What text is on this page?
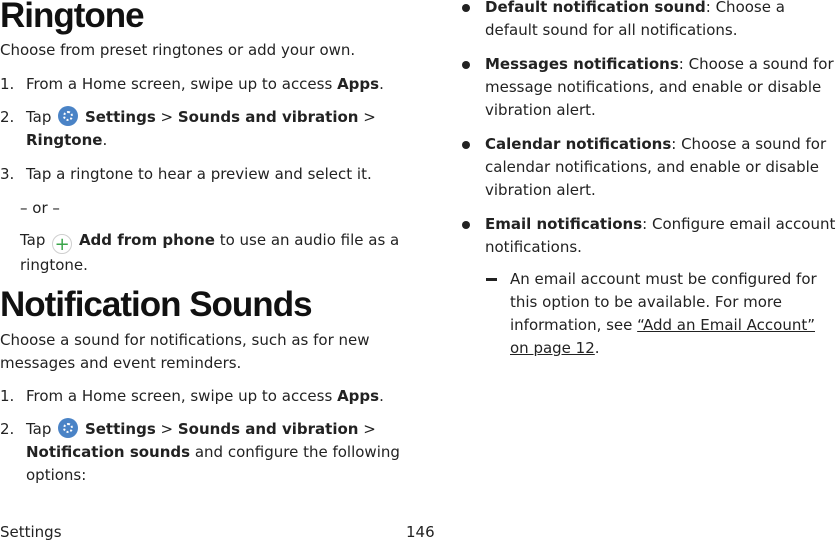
Ringtone

Choose from preset ringtones or add your own.

1. From a Home screen, swipe up to access Apps.
2. Tap  Settings > Sounds and vibration > Ringtone.
3. Tap a ringtone to hear a preview and select it.

– or –

Tap + Add from phone to use an audio file as a ringtone.

Notification Sounds

Choose a sound for notifications, such as for new messages and event reminders.

1. From a Home screen, swipe up to access Apps.
2. Tap  Settings > Sounds and vibration > Notification sounds and configure the following options:
Default notification sound: Choose a default sound for all notifications.
Messages notifications: Choose a sound for message notifications, and enable or disable vibration alert.
Calendar notifications: Choose a sound for calendar notifications, and enable or disable vibration alert.
Email notifications: Configure email account notifications.
An email account must be configured for this option to be available. For more information, see “Add an Email Account” on page 12.
Settings	146
